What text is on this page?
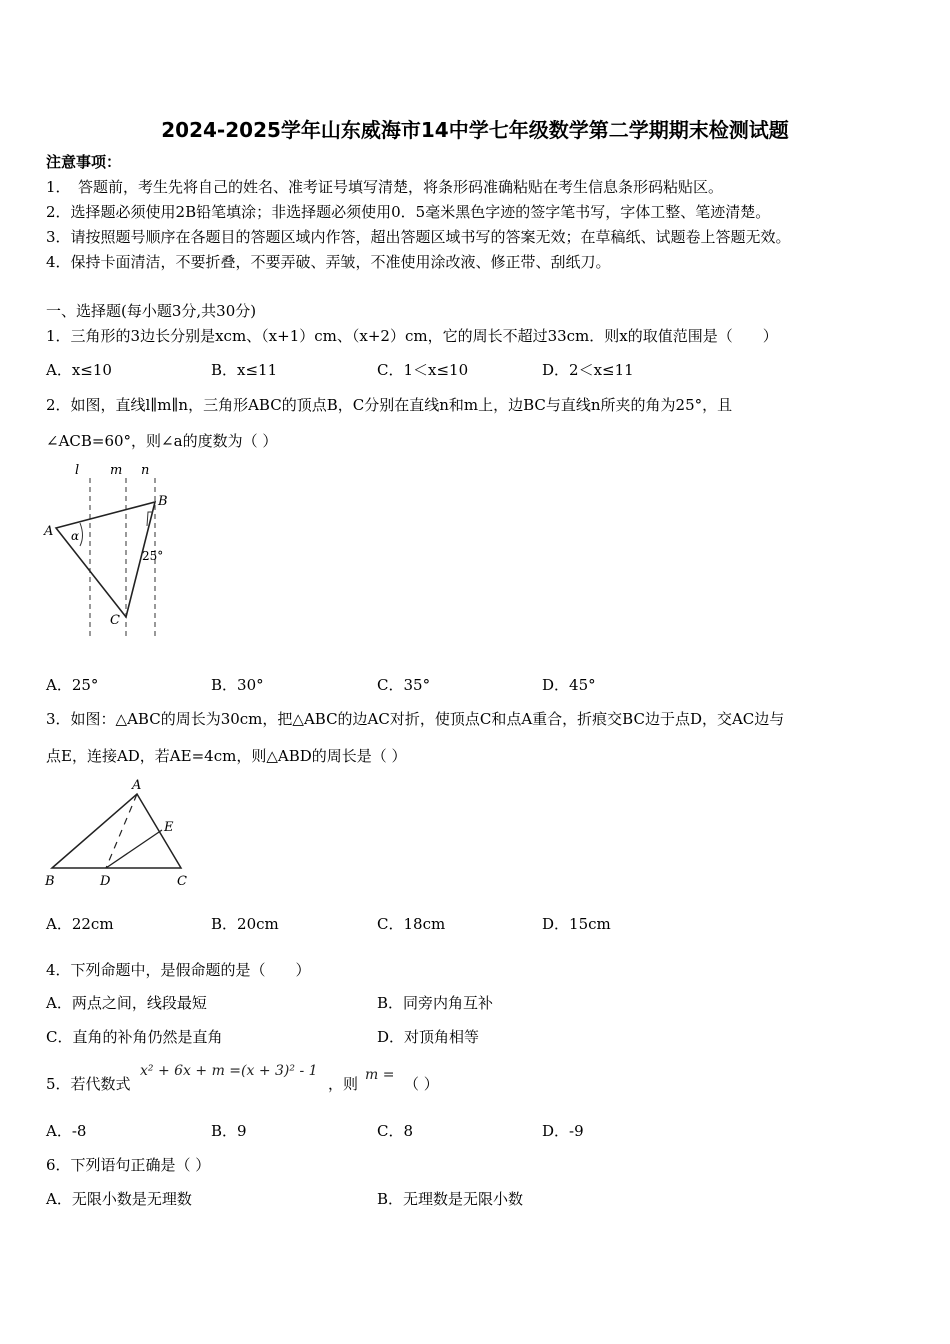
2024-2025学年山东威海市14中学七年级数学第二学期期末检测试题
注意事项：
1．　答题前，考生先将自己的姓名、准考证号填写清楚，将条形码准确粘贴在考生信息条形码粘贴区。
2．选择题必须使用2B铅笔填涂；非选择题必须使用0．5毫米黑色字迹的签字笔书写，字体工整、笔迹清楚。
3．请按照题号顺序在各题目的答题区域内作答，超出答题区域书写的答案无效；在草稿纸、试题卷上答题无效。
4．保持卡面清洁，不要折叠，不要弄破、弄皱，不准使用涂改液、修正带、刮纸刀。
一、选择题(每小题3分,共30分)
1．三角形的3边长分别是xcm、（x+1）cm、（x+2）cm，它的周长不超过33cm．则x的取值范围是（　　）
A．x≤10	B．x≤11	C．1＜x≤10	D．2＜x≤11
2．如图，直线l∥m∥n，三角形ABC的顶点B，C分别在直线n和m上，边BC与直线n所夹的角为25°，且
∠ACB=60°，则∠a的度数为（ ）
l m n
A
B
C
α
25°
A．25°	B．30°	C．35°	D．45°
3．如图：△ABC的周长为30cm，把△ABC的边AC对折，使顶点C和点A重合，折痕交BC边于点D，交AC边与
点E，连接AD，若AE=4cm，则△ABD的周长是（ ）
A
E
B	D	C
A．22cm	B．20cm	C．18cm	D．15cm
4．下列命题中，是假命题的是（　　）
A．两点之间，线段最短	B．同旁内角互补
C．直角的补角仍然是直角	D．对顶角相等
5．若代数式
x² + 6x + m =(x + 3)² - 1
，则 m = （ ）
A．-8	B．9	C．8	D．-9
6．下列语句正确是（ ）
A．无限小数是无理数	B．无理数是无限小数
